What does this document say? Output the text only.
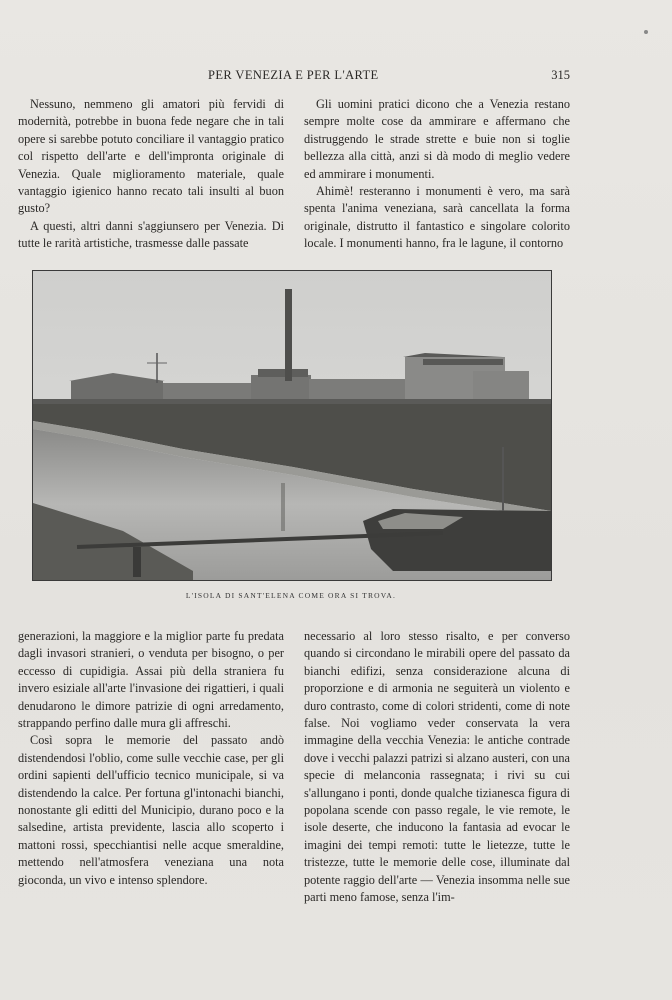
PER VENEZIA E PER L'ARTE	315

Nessuno, nemmeno gli amatori più fervidi di modernità, potrebbe in buona fede negare che in tali opere si sarebbe potuto conciliare il vantaggio pratico col rispetto dell'arte e dell'impronta originale di Venezia. Quale miglioramento materiale, quale vantaggio igienico hanno recato tali insulti al buon gusto?

A questi, altri danni s'aggiunsero per Venezia. Di tutte le rarità artistiche, trasmesse dalle passate

Gli uomini pratici dicono che a Venezia restano sempre molte cose da ammirare e affermano che distruggendo le strade strette e buie non si toglie bellezza alla città, anzi si dà modo di meglio vedere ed ammirare i monumenti.

Ahimè! resteranno i monumenti è vero, ma sarà spenta l'anima veneziana, sarà cancellata la forma originale, distrutto il fantastico e singolare colorito locale. I monumenti hanno, fra le lagune, il contorno

L'ISOLA DI SANT'ELENA COME ORA SI TROVA.

generazioni, la maggiore e la miglior parte fu predata dagli invasori stranieri, o venduta per bisogno, o per eccesso di cupidigia. Assai più della straniera fu invero esiziale all'arte l'invasione dei rigattieri, i quali denudarono le dimore patrizie di ogni arredamento, strappando perfino dalle mura gli affreschi.

Così sopra le memorie del passato andò distendendosi l'oblio, come sulle vecchie case, per gli ordini sapienti dell'ufficio tecnico municipale, si va distendendo la calce. Per fortuna gl'intonachi bianchi, nonostante gli editti del Municipio, durano poco e la salsedine, artista previdente, lascia allo scoperto i mattoni rossi, specchiantisi nelle acque smeraldine, mettendo nell'atmosfera veneziana una nota gioconda, un vivo e intenso splendore.

necessario al loro stesso risalto, e per converso quando si circondano le mirabili opere del passato da bianchi edifizi, senza considerazione alcuna di proporzione e di armonia ne seguiterà un violento e duro contrasto, come di colori stridenti, come di note false. Noi vogliamo veder conservata la vera immagine della vecchia Venezia: le antiche contrade dove i vecchi palazzi patrizi si alzano austeri, con una specie di melanconia rassegnata; i rivi su cui s'allungano i ponti, donde qualche tizianesca figura di popolana scende con passo regale, le vie remote, le isole deserte, che inducono la fantasia ad evocar le imagini dei tempi remoti: tutte le lietezze, tutte le tristezze, tutte le memorie delle cose, illuminate dal potente raggio dell'arte — Venezia insomma nelle sue parti meno famose, senza l'im-
